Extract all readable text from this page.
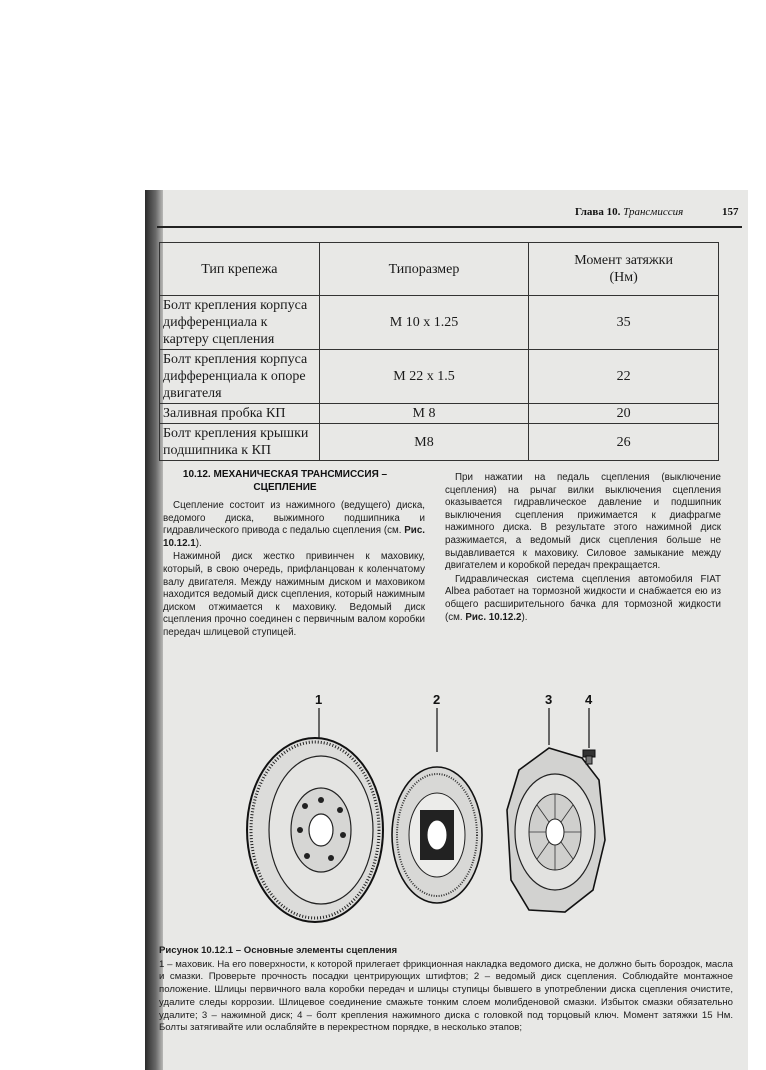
Глава 10. Трансмиссия	157
Тип крепежа	Типоразмер	Момент затяжки (Нм)
Болт крепления корпуса дифференциала к картеру сцепления	М 10 х 1.25	35
Болт крепления корпуса дифференциала к опоре двигателя	М 22 х 1.5	22
Заливная пробка КП	М 8	20
Болт крепления крышки подшипника к КП	М8	26
10.12. МЕХАНИЧЕСКАЯ ТРАНСМИССИЯ –
СЦЕПЛЕНИЕ

Сцепление состоит из нажимного (ведущего) диска, ведомого диска, выжимного подшипника и гидравлического привода с педалью сцепления (см. Рис. 10.12.1).

Нажимной диск жестко привинчен к маховику, который, в свою очередь, прифланцован к коленчатому валу двигателя. Между нажимным диском и маховиком находится ведомый диск сцепления, который нажимным диском отжимается к маховику. Ведомый диск сцепления прочно соединен с первичным валом коробки передач шлицевой ступицей.

При нажатии на педаль сцепления (выключение сцепления) на рычаг вилки выключения сцепления оказывается гидравлическое давление и подшипник выключения сцепления прижимается к диафрагме нажимного диска. В результате этого нажимной диск разжимается, а ведомый диск сцепления больше не выдавливается к маховику. Силовое замыкание между двигателем и коробкой передач прекращается.

Гидравлическая система сцепления автомобиля FIAT Albea работает на тормозной жидкости и снабжается ею из общего расширительного бачка для тормозной жидкости (см. Рис. 10.12.2).

1	2	3	4
Рисунок 10.12.1 – Основные элементы сцепления
1 – маховик. На его поверхности, к которой прилегает фрикционная накладка ведомого диска, не должно быть бороздок, масла и смазки. Проверьте прочность посадки центрирующих штифтов; 2 – ведомый диск сцепления. Соблюдайте монтажное положение. Шлицы первичного вала коробки передач и шлицы ступицы бывшего в употреблении диска сцепления очистите, удалите следы коррозии. Шлицевое соединение смажьте тонким слоем молибденовой смазки. Избыток смазки обязательно удалите; 3 – нажимной диск; 4 – болт крепления нажимного диска с головкой под торцовый ключ. Момент затяжки 15 Нм. Болты затягивайте или ослабляйте в перекрестном порядке, в несколько этапов;
